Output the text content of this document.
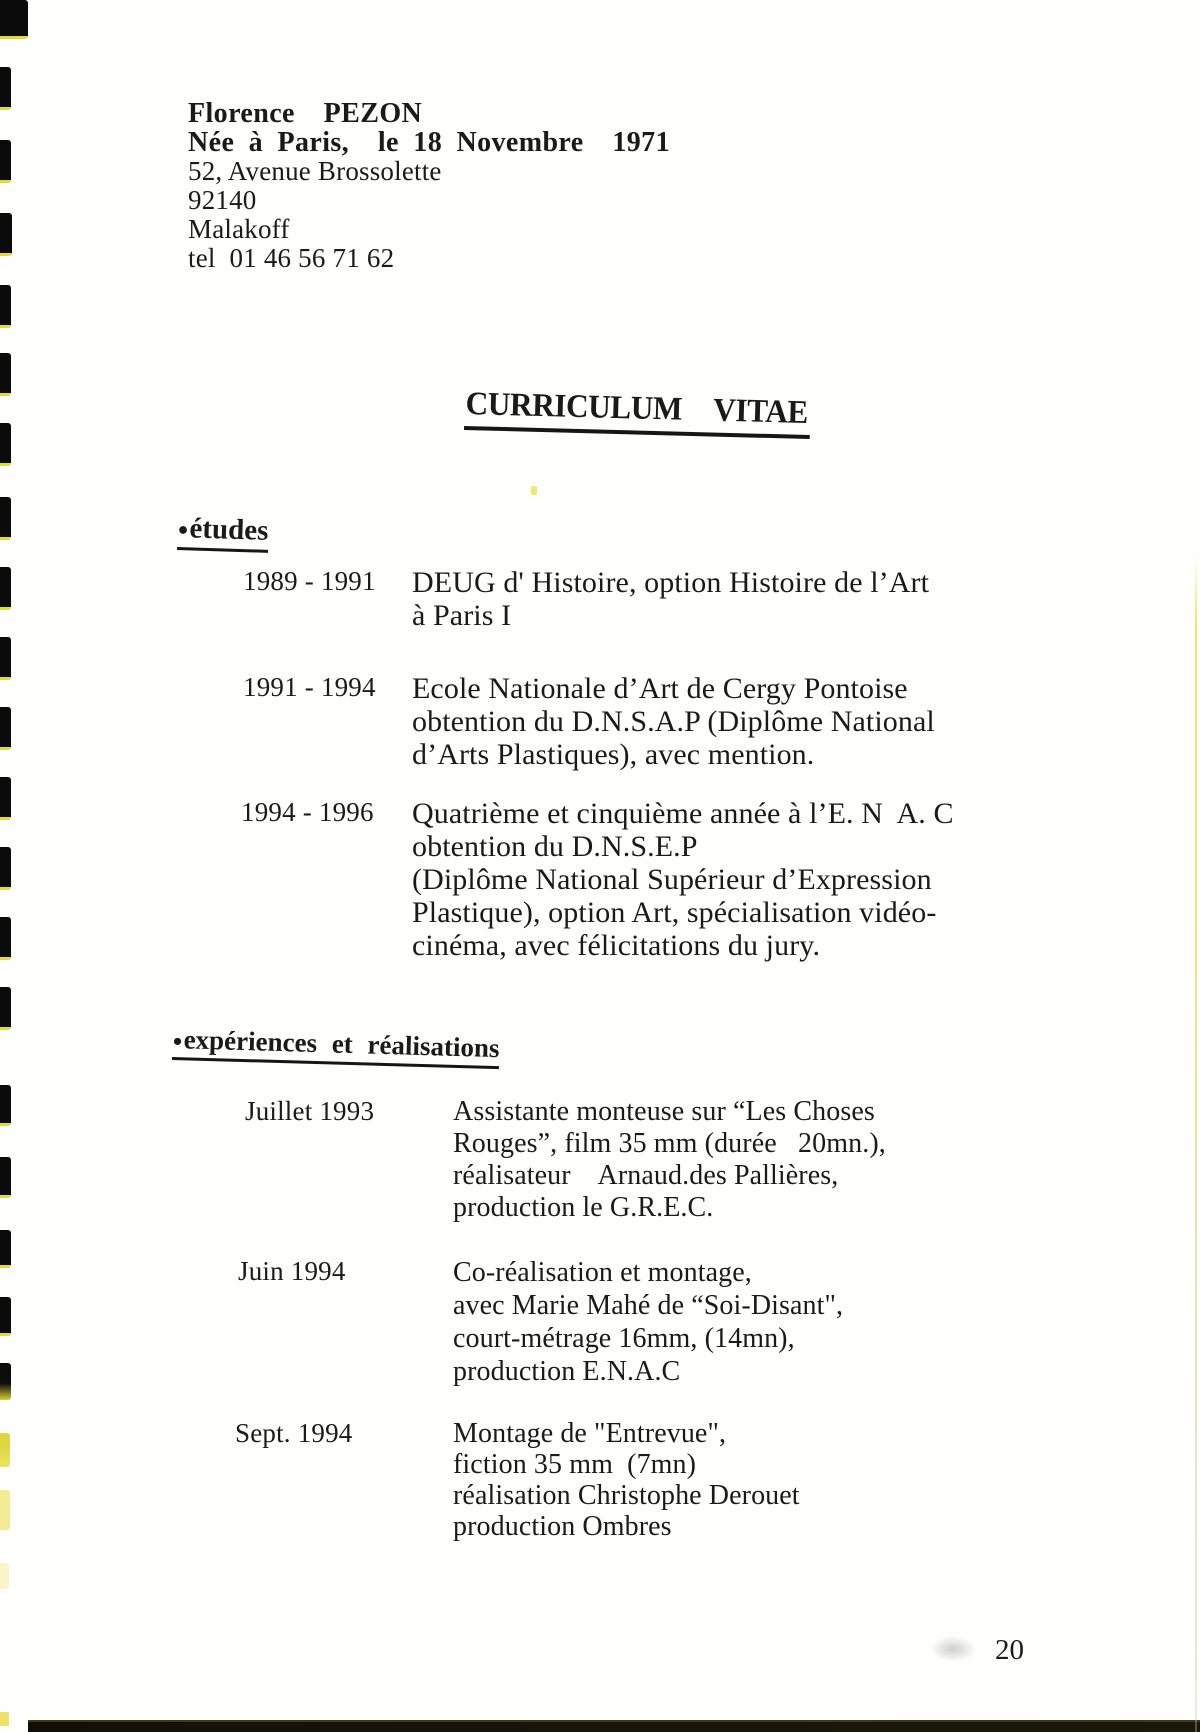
Florence  PEZON
Née à Paris,  le 18 Novembre  1971
52, Avenue Brossolette
92140
Malakoff
tel  01 46 56 71 62
CURRICULUM  VITAE
●études
1989 - 1991 DEUG d' Histoire, option Histoire de l’Art
à Paris I
1991 - 1994 Ecole Nationale d’Art de Cergy Pontoise
obtention du D.N.S.A.P (Diplôme National
d’Arts Plastiques), avec mention.
1994 - 1996 Quatrième et cinquième année à l’E. N  A. C
obtention du D.N.S.E.P
(Diplôme National Supérieur d’Expression
Plastique), option Art, spécialisation vidéo-
cinéma, avec félicitations du jury.
●expériences et réalisations
Juillet 1993	Assistante monteuse sur “Les Choses
Rouges”, film 35 mm (durée   20mn.),
réalisateur    Arnaud.des Pallières,
production le G.R.E.C.
Juin 1994	Co-réalisation et montage,
avec Marie Mahé de “Soi-Disant",
court-métrage 16mm, (14mn),
production E.N.A.C
Sept. 1994	Montage de "Entrevue",
fiction 35 mm  (7mn)
réalisation Christophe Derouet
production Ombres
20
